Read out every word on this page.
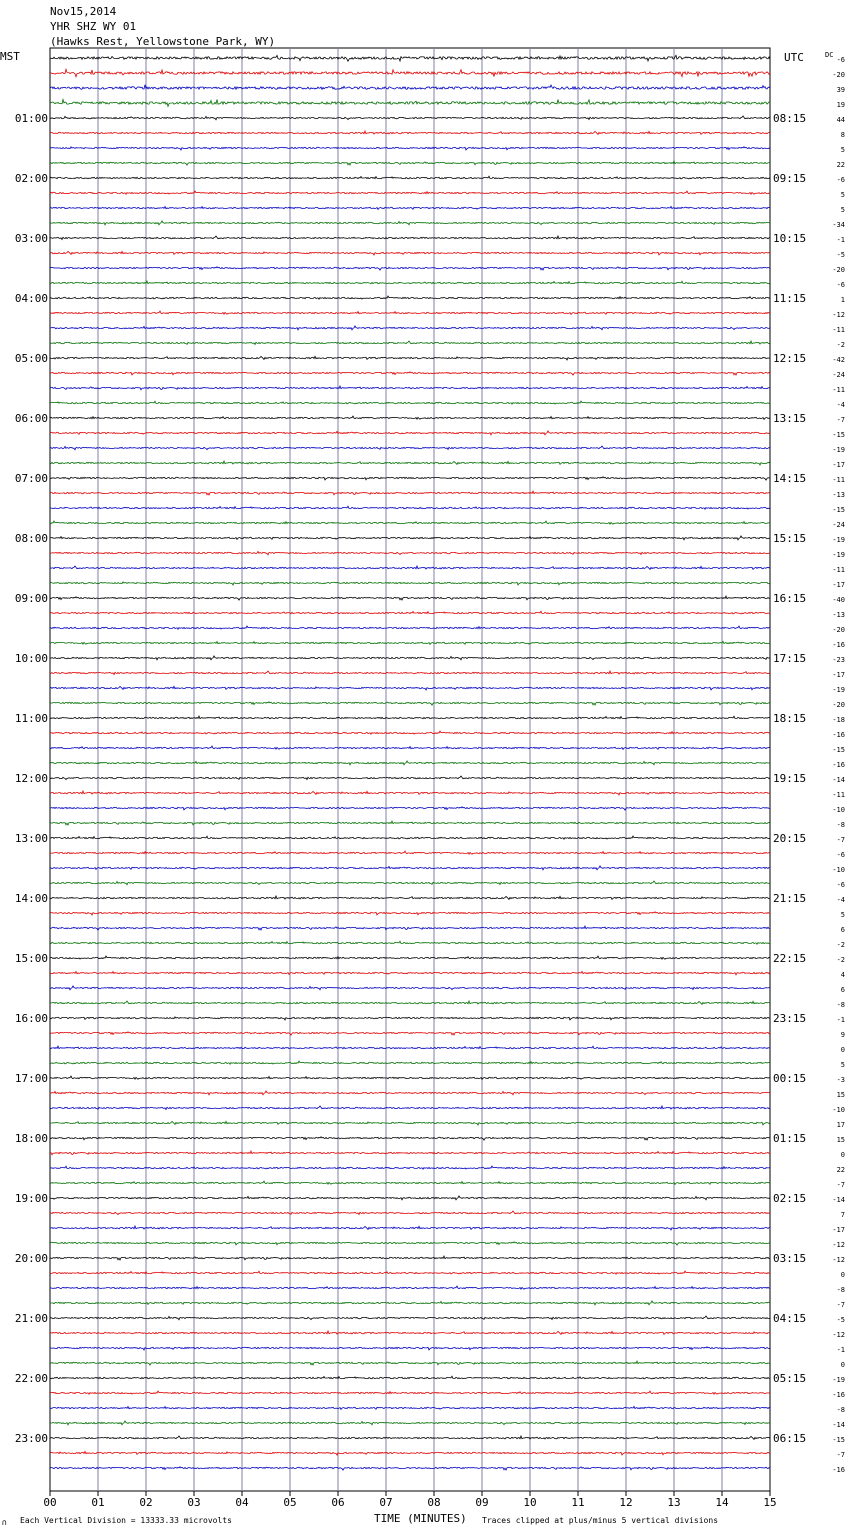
Nov15,2014
YHR SHZ WY 01
(Hawks Rest, Yellowstone Park, WY)
00	01	02	03	04	05	06	07	08	09	10	11	12	13	14	15
01:00
02:00
03:00
04:00
05:00
06:00
07:00
08:00
09:00
10:00
11:00
12:00
13:00
14:00
15:00
16:00
17:00
18:00
19:00
20:00
21:00
22:00
23:00
08:15
09:15
10:15
11:15
12:15
13:15
14:15
15:15
16:15
17:15
18:15
19:15
20:15
21:15
22:15
23:15
00:15
01:15
02:15
03:15
04:15
05:15
06:15
-6
-20
39
19
44
8
5
22
-6
5
5
-34
-1
-5
-20
-6
1
-12
-11
-2
-42
-24
-11
-4
-7
-15
-19
-17
-11
-13
-15
-24
-19
-19
-11
-17
-40
-13
-20
-16
-23
-17
-19
-20
-18
-16
-15
-16
-14
-11
-10
-8
-7
-6
-10
-6
-4
5
6
-2
-2
4
6
-8
-1
9
0
5
-3
15
-10
17
15
0
22
-7
-14
7
-17
-12
-12
0
-8
-7
-5
-12
-1
0
-19
-16
-8
-14
-15
-7
-16
MST	UTC	DC
TIME (MINUTES)
Each Vertical Division = 13333.33 microvolts	Traces clipped at plus/minus 5 vertical divisions
∩
